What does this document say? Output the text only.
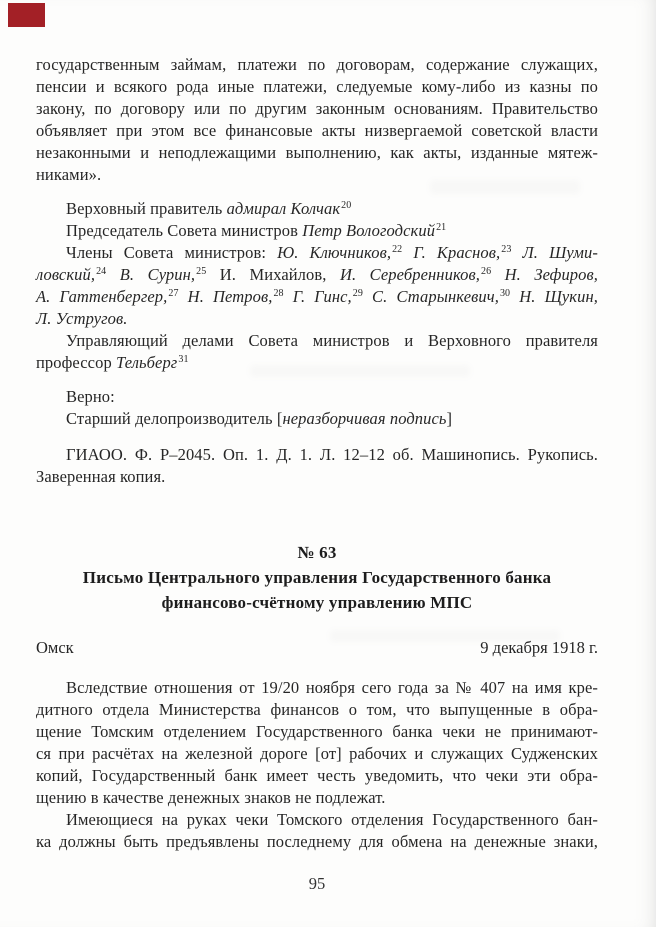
государственным займам, платежи по договорам, содержание служащих,
пенсии и всякого рода иные платежи, следуемые кому-либо из казны по
закону, по договору или по другим законным основаниям. Правительство
объявляет при этом все финансовые акты низвергаемой советской власти
незаконными и неподлежащими выполнению, как акты, изданные мятеж-
никами».
Верховный правитель адмирал Колчак$^{20}$
Председатель Совета министров Петр Вологодский$^{21}$
Члены Совета министров: Ю. Ключников,$^{22}$ Г. Краснов,$^{23}$ Л. Шуми-
ловский,$^{24}$ В. Сурин,$^{25}$ И. Михайлов, И. Серебренников,$^{26}$ Н. Зефиров,
А. Гаттенбергер,$^{27}$ Н. Петров,$^{28}$ Г. Гинс,$^{29}$ С. Старынкевич,$^{30}$ Н. Щукин,
Л. Устругов.
Управляющий делами Совета министров и Верховного правителя
профессор Тельберг$^{31}$
Верно:
Старший делопроизводитель [неразборчивая подпись]
ГИАОО. Ф. Р–2045. Оп. 1. Д. 1. Л. 12–12 об. Машинопись. Рукопись.
Заверенная копия.
№ 63
Письмо Центрального управления Государственного банка
финансово-счётному управлению МПС
Омск	9 декабря 1918 г.
Вследствие отношения от 19/20 ноября сего года за № 407 на имя кре-
дитного отдела Министерства финансов о том, что выпущенные в обра-
щение Томским отделением Государственного банка чеки не принимают-
ся при расчётах на железной дороге [от] рабочих и служащих Судженских
копий, Государственный банк имеет честь уведомить, что чеки эти обра-
щению в качестве денежных знаков не подлежат.
Имеющиеся на руках чеки Томского отделения Государственного бан-
ка должны быть предъявлены последнему для обмена на денежные знаки,
95
